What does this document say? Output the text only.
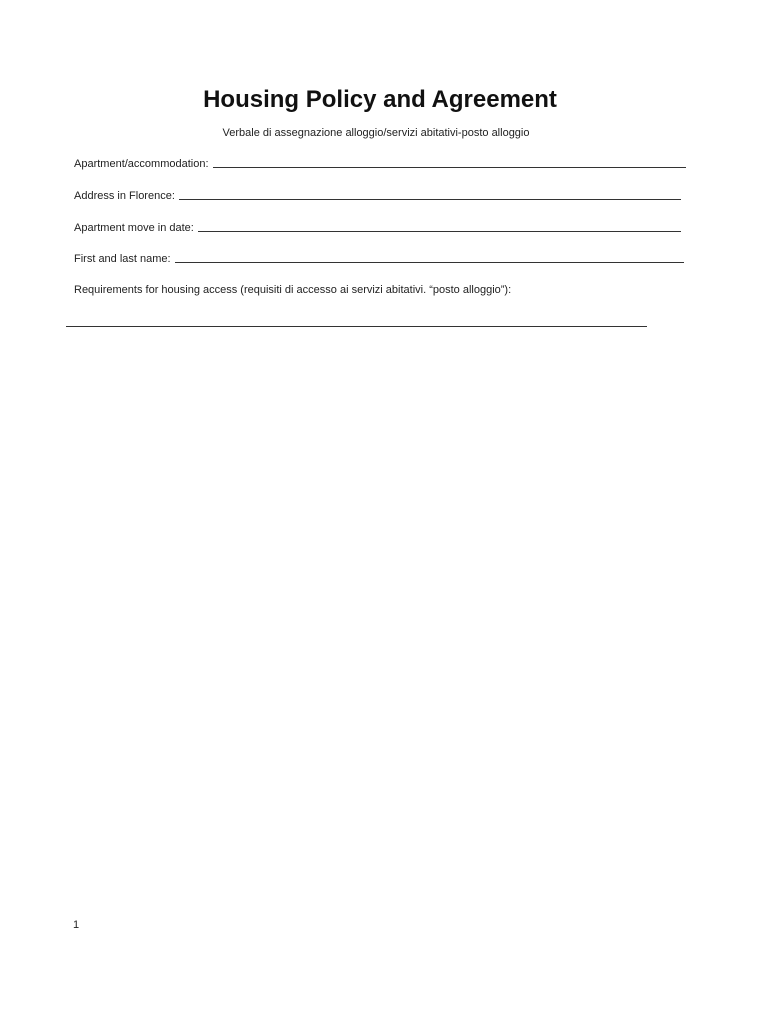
Housing Policy and Agreement
Verbale di assegnazione alloggio/servizi abitativi-posto alloggio
Apartment/accommodation:
Address in Florence:
Apartment move in date:
First and last name:
Requirements for housing access (requisiti di accesso ai servizi abitativi. “posto alloggio”):
1
